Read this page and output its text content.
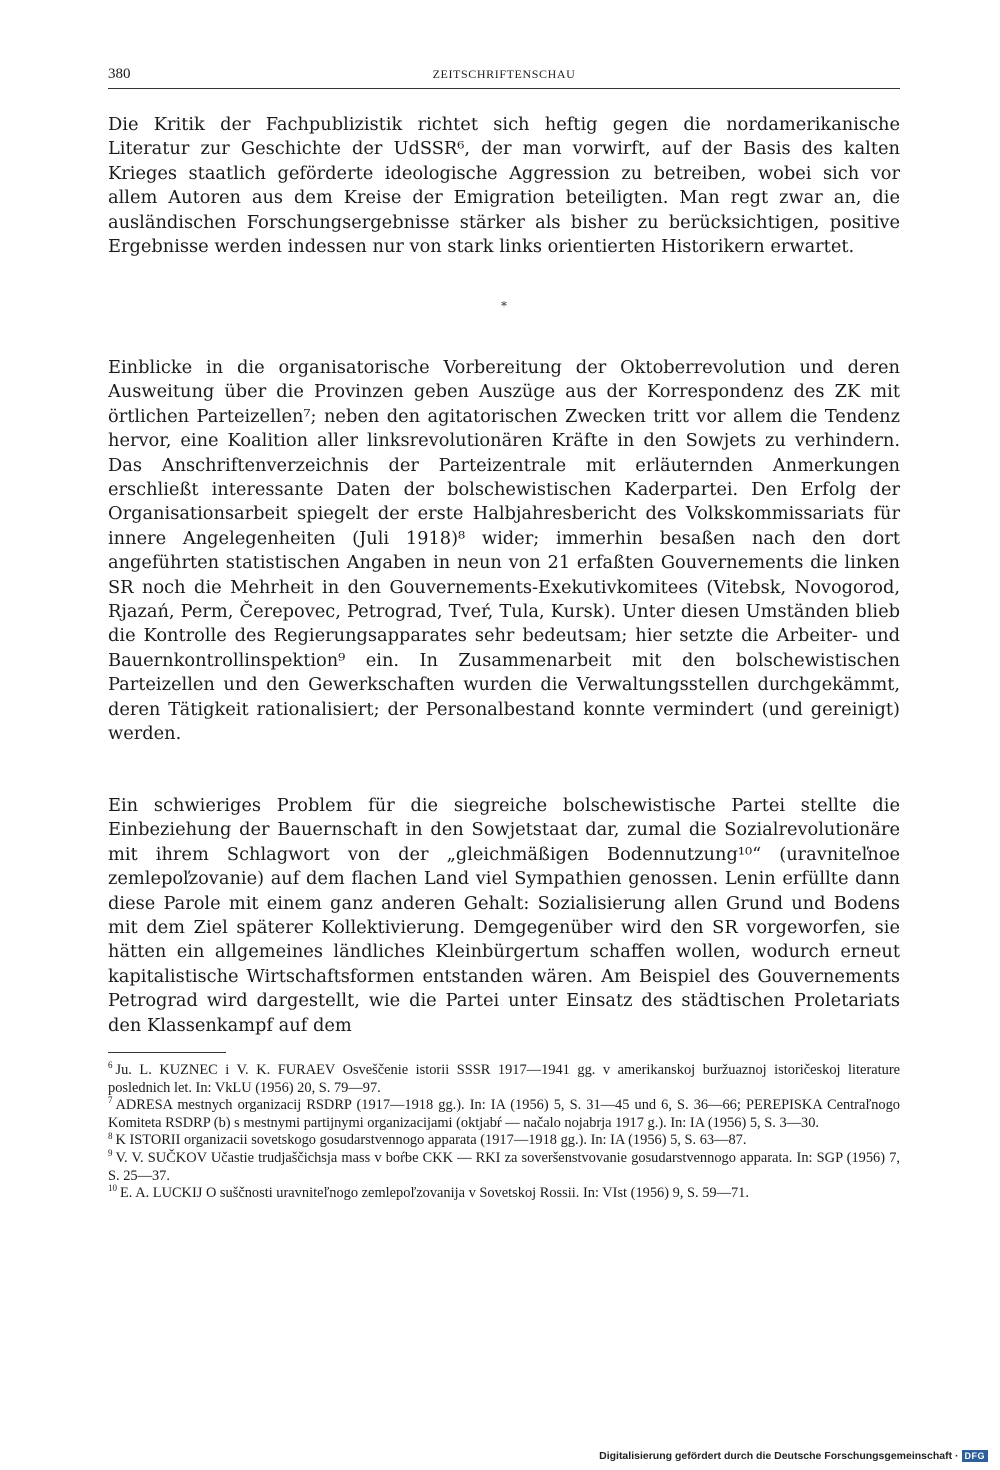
380	ZEITSCHRIFTENSCHAU

Die Kritik der Fachpublizistik richtet sich heftig gegen die nordamerikanische Literatur zur Geschichte der UdSSR⁶, der man vorwirft, auf der Basis des kalten Krieges staatlich geförderte ideologische Aggression zu betreiben, wobei sich vor allem Autoren aus dem Kreise der Emigration beteiligten. Man regt zwar an, die ausländischen Forschungsergebnisse stärker als bisher zu berücksichtigen, positive Ergebnisse werden indessen nur von stark links orientierten Historikern erwartet.

*

Einblicke in die organisatorische Vorbereitung der Oktoberrevolution und deren Ausweitung über die Provinzen geben Auszüge aus der Korrespondenz des ZK mit örtlichen Parteizellen⁷; neben den agitatorischen Zwecken tritt vor allem die Tendenz hervor, eine Koalition aller linksrevolutionären Kräfte in den Sowjets zu verhindern. Das Anschriftenverzeichnis der Parteizentrale mit erläuternden Anmerkungen erschließt interessante Daten der bolschewistischen Kaderpartei. Den Erfolg der Organisationsarbeit spiegelt der erste Halbjahresbericht des Volkskommissariats für innere Angelegenheiten (Juli 1918)⁸ wider; immerhin besaßen nach den dort angeführten statistischen Angaben in neun von 21 erfaßten Gouvernements die linken SR noch die Mehrheit in den Gouvernements-Exekutivkomitees (Vitebsk, Novogorod, Rjazań, Perm, Čerepovec, Petrograd, Tveŕ, Tula, Kursk). Unter diesen Umständen blieb die Kontrolle des Regierungsapparates sehr bedeutsam; hier setzte die Arbeiter- und Bauernkontrollinspektion⁹ ein. In Zusammenarbeit mit den bolschewistischen Parteizellen und den Gewerkschaften wurden die Verwaltungsstellen durchgekämmt, deren Tätigkeit rationalisiert; der Personalbestand konnte vermindert (und gereinigt) werden.

Ein schwieriges Problem für die siegreiche bolschewistische Partei stellte die Einbeziehung der Bauernschaft in den Sowjetstaat dar, zumal die Sozialrevolutionäre mit ihrem Schlagwort von der „gleichmäßigen Bodennutzung¹⁰“ (uravniteľnoe zemlepoľzovanie) auf dem flachen Land viel Sympathien genossen. Lenin erfüllte dann diese Parole mit einem ganz anderen Gehalt: Sozialisierung allen Grund und Bodens mit dem Ziel späterer Kollektivierung. Demgegenüber wird den SR vorgeworfen, sie hätten ein allgemeines ländliches Kleinbürgertum schaffen wollen, wodurch erneut kapitalistische Wirtschaftsformen entstanden wären. Am Beispiel des Gouvernements Petrograd wird dargestellt, wie die Partei unter Einsatz des städtischen Proletariats den Klassenkampf auf dem

$^6$ Ju. L. KUZNEC i V. K. FURAEV Osveščenie istorii SSSR 1917—1941 gg. v amerikanskoj buržuaznoj istoričeskoj literature poslednich let. In: VkLU (1956) 20, S. 79—97.

$^7$ ADRESA mestnych organizacij RSDRP (1917—1918 gg.). In: IA (1956) 5, S. 31—45 und 6, S. 36—66; PEREPISKA Centraľnogo Komiteta RSDRP (b) s mestnymi partijnymi organizacijami (oktjabŕ — načalo nojabrja 1917 g.). In: IA (1956) 5, S. 3—30.

$^8$ K ISTORII organizacii sovetskogo gosudarstvennogo apparata (1917—1918 gg.). In: IA (1956) 5, S. 63—87.

$^9$ V. V. SUČKOV Učastie trudjaščichsja mass v boŕbe CKK — RKI za soveršenstvovanie gosudarstvennogo apparata. In: SGP (1956) 7, S. 25—37.

$^{10}$ E. A. LUCKIJ O suščnosti uravniteľnogo zemlepoľzovanija v Sovetskoj Rossii. In: VIst (1956) 9, S. 59—71.

Digitalisierung gefördert durch die Deutsche Forschungsgemeinschaft · DFG
